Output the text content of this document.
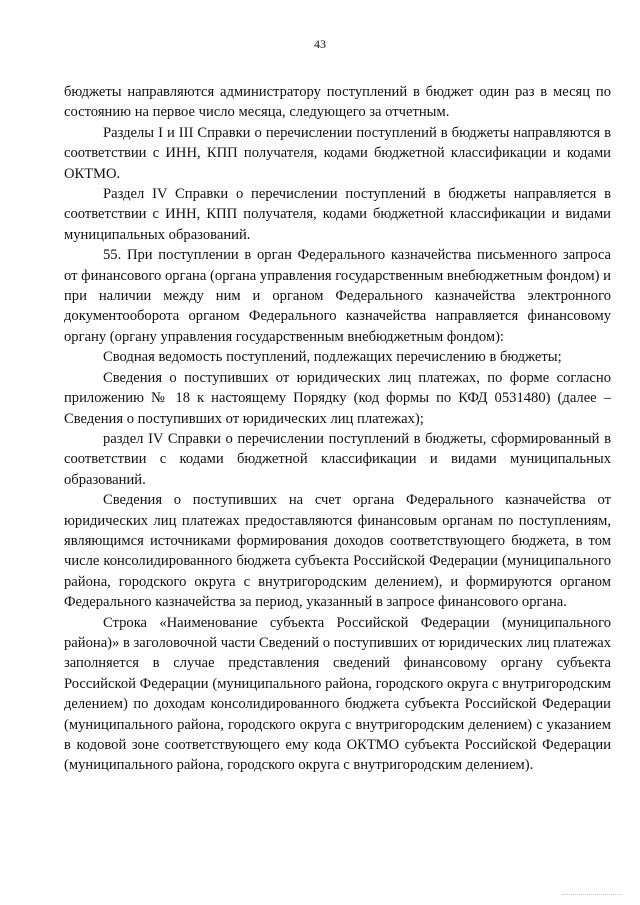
43

бюджеты направляются администратору поступлений в бюджет один раз в месяц по состоянию на первое число месяца, следующего за отчетным.

Разделы I и III Справки о перечислении поступлений в бюджеты направляются в соответствии с ИНН, КПП получателя, кодами бюджетной классификации и кодами ОКТМО.

Раздел IV Справки о перечислении поступлений в бюджеты направляется в соответствии с ИНН, КПП получателя, кодами бюджетной классификации и видами муниципальных образований.

55. При поступлении в орган Федерального казначейства письменного запроса от финансового органа (органа управления государственным внебюджетным фондом) и при наличии между ним и органом Федерального казначейства электронного документооборота органом Федерального казначейства направляется финансовому органу (органу управления государственным внебюджетным фондом):

Сводная ведомость поступлений, подлежащих перечислению в бюджеты;

Сведения о поступивших от юридических лиц платежах, по форме согласно приложению № 18 к настоящему Порядку (код формы по КФД 0531480) (далее – Сведения о поступивших от юридических лиц платежах);

раздел IV Справки о перечислении поступлений в бюджеты, сформированный в соответствии с кодами бюджетной классификации и видами муниципальных образований.

Сведения о поступивших на счет органа Федерального казначейства от юридических лиц платежах предоставляются финансовым органам по поступлениям, являющимся источниками формирования доходов соответствующего бюджета, в том числе консолидированного бюджета субъекта Российской Федерации (муниципального района, городского округа с внутригородским делением), и формируются органом Федерального казначейства за период, указанный в запросе финансового органа.

Строка «Наименование субъекта Российской Федерации (муниципального района)» в заголовочной части Сведений о поступивших от юридических лиц платежах заполняется в случае представления сведений финансовому органу субъекта Российской Федерации (муниципального района, городского округа с внутригородским делением) по доходам консолидированного бюджета субъекта Российской Федерации (муниципального района, городского округа с внутригородским делением) с указанием в кодовой зоне соответствующего ему кода ОКТМО субъекта Российской Федерации (муниципального района, городского округа с внутригородским делением).
